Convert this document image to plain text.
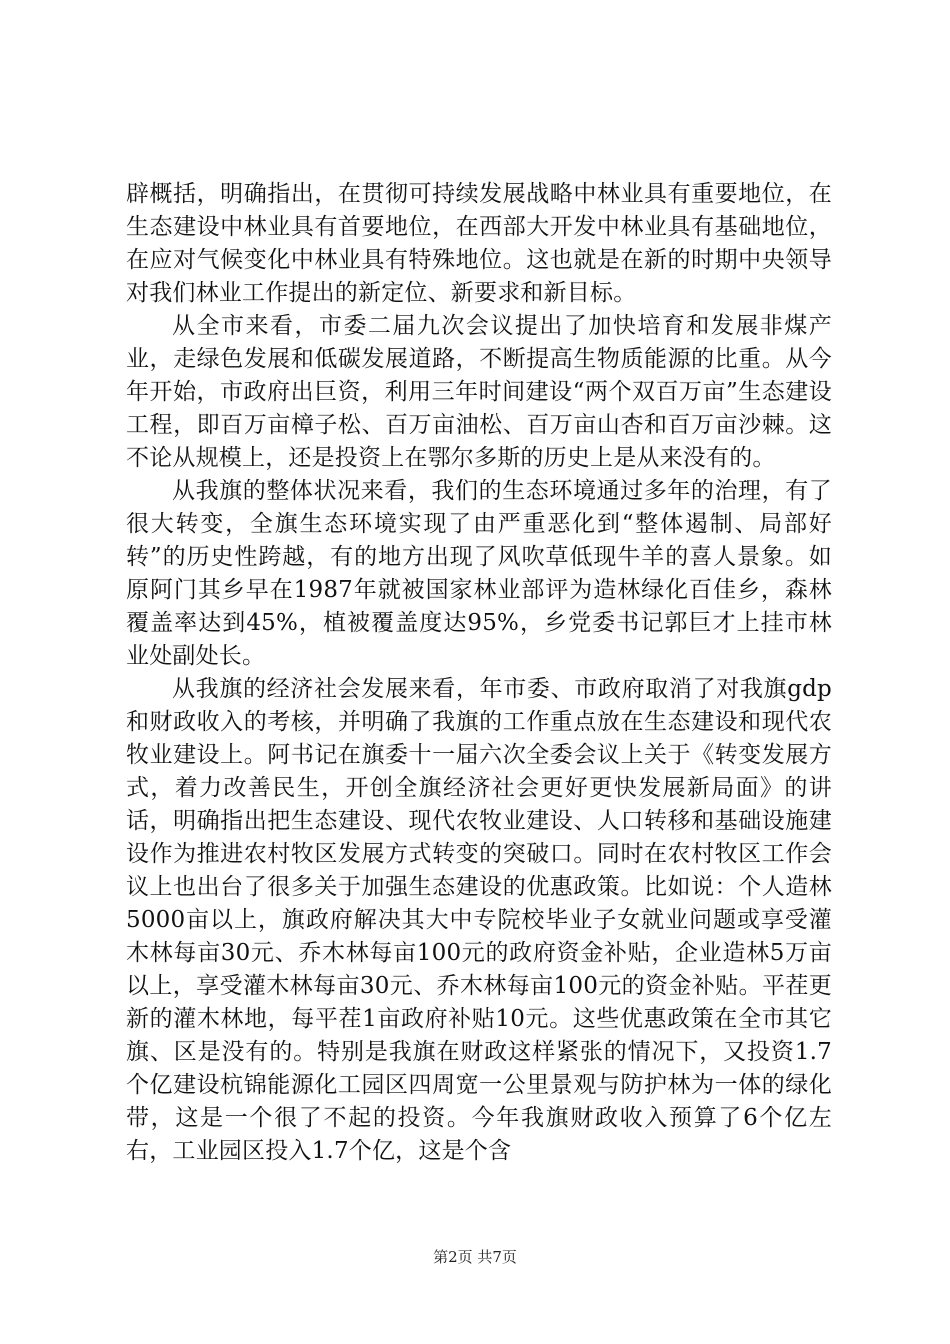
辟概括，明确指出，在贯彻可持续发展战略中林业具有重要地位，在生态建设中林业具有首要地位，在西部大开发中林业具有基础地位，在应对气候变化中林业具有特殊地位。这也就是在新的时期中央领导对我们林业工作提出的新定位、新要求和新目标。

从全市来看，市委二届九次会议提出了加快培育和发展非煤产业，走绿色发展和低碳发展道路，不断提高生物质能源的比重。从今年开始，市政府出巨资，利用三年时间建设“两个双百万亩”生态建设工程，即百万亩樟子松、百万亩油松、百万亩山杏和百万亩沙棘。这不论从规模上，还是投资上在鄂尔多斯的历史上是从来没有的。

从我旗的整体状况来看，我们的生态环境通过多年的治理，有了很大转变，全旗生态环境实现了由严重恶化到“整体遏制、局部好转”的历史性跨越，有的地方出现了风吹草低现牛羊的喜人景象。如原阿门其乡早在1987年就被国家林业部评为造林绿化百佳乡，森林覆盖率达到45%，植被覆盖度达95%，乡党委书记郭巨才上挂市林业处副处长。

从我旗的经济社会发展来看，年市委、市政府取消了对我旗gdp和财政收入的考核，并明确了我旗的工作重点放在生态建设和现代农牧业建设上。阿书记在旗委十一届六次全委会议上关于《转变发展方式，着力改善民生，开创全旗经济社会更好更快发展新局面》的讲话，明确指出把生态建设、现代农牧业建设、人口转移和基础设施建设作为推进农村牧区发展方式转变的突破口。同时在农村牧区工作会议上也出台了很多关于加强生态建设的优惠政策。比如说：个人造林5000亩以上，旗政府解决其大中专院校毕业子女就业问题或享受灌木林每亩30元、乔木林每亩100元的政府资金补贴，企业造林5万亩以上，享受灌木林每亩30元、乔木林每亩100元的资金补贴。平茬更新的灌木林地，每平茬1亩政府补贴10元。这些优惠政策在全市其它旗、区是没有的。特别是我旗在财政这样紧张的情况下，又投资1.7个亿建设杭锦能源化工园区四周宽一公里景观与防护林为一体的绿化带，这是一个很了不起的投资。今年我旗财政收入预算了6个亿左右，工业园区投入1.7个亿，这是个含

第2页 共7页
